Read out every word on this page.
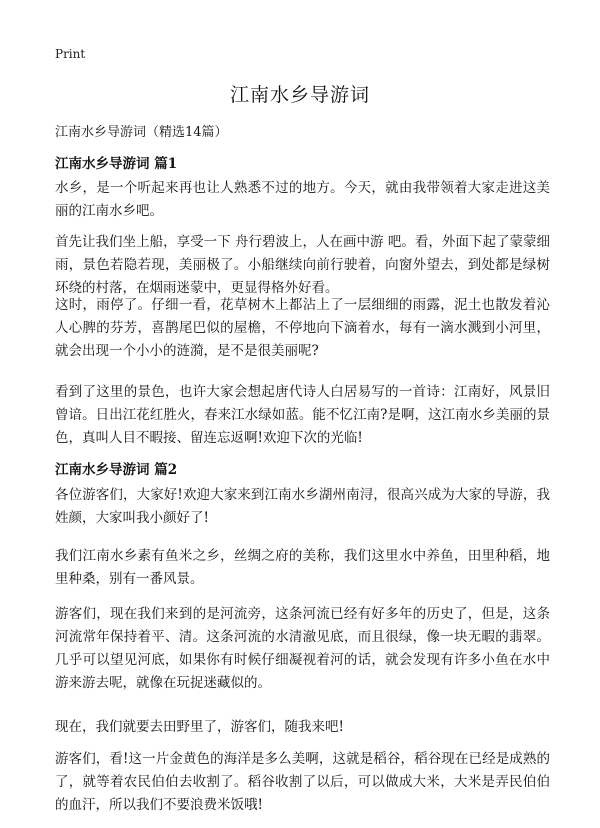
Print
江南水乡导游词
江南水乡导游词（精选14篇）
江南水乡导游词 篇1

水乡，是一个听起来再也让人熟悉不过的地方。今天，就由我带领着大家走进这美丽的江南水乡吧。

首先让我们坐上船，享受一下 舟行碧波上，人在画中游 吧。看，外面下起了蒙蒙细雨，景色若隐若现，美丽极了。小船继续向前行驶着，向窗外望去，到处都是绿树环绕的村落，在烟雨迷蒙中，更显得格外好看。

这时，雨停了。仔细一看，花草树木上都沾上了一层细细的雨露，泥土也散发着沁人心脾的芬芳，喜鹊尾巴似的屋檐，不停地向下滴着水，每有一滴水溅到小河里，就会出现一个小小的涟漪，是不是很美丽呢?

看到了这里的景色，也许大家会想起唐代诗人白居易写的一首诗：江南好，风景旧曾谙。日出江花红胜火，春来江水绿如蓝。能不忆江南?是啊，这江南水乡美丽的景色，真叫人目不暇接、留连忘返啊!欢迎下次的光临!

江南水乡导游词 篇2

各位游客们，大家好!欢迎大家来到江南水乡湖州南浔，很高兴成为大家的导游，我姓颜，大家叫我小颜好了!

我们江南水乡素有鱼米之乡，丝绸之府的美称，我们这里水中养鱼，田里种稻，地里种桑，别有一番风景。

游客们，现在我们来到的是河流旁，这条河流已经有好多年的历史了，但是，这条河流常年保持着平、清。这条河流的水清澈见底，而且很绿，像一块无暇的翡翠。几乎可以望见河底，如果你有时候仔细凝视着河的话，就会发现有许多小鱼在水中游来游去呢，就像在玩捉迷藏似的。

现在，我们就要去田野里了，游客们，随我来吧!

游客们，看!这一片金黄色的海洋是多么美啊，这就是稻谷，稻谷现在已经是成熟的了，就等着农民伯伯去收割了。稻谷收割了以后，可以做成大米，大米是弄民伯伯的血汗，所以我们不要浪费米饭哦!
